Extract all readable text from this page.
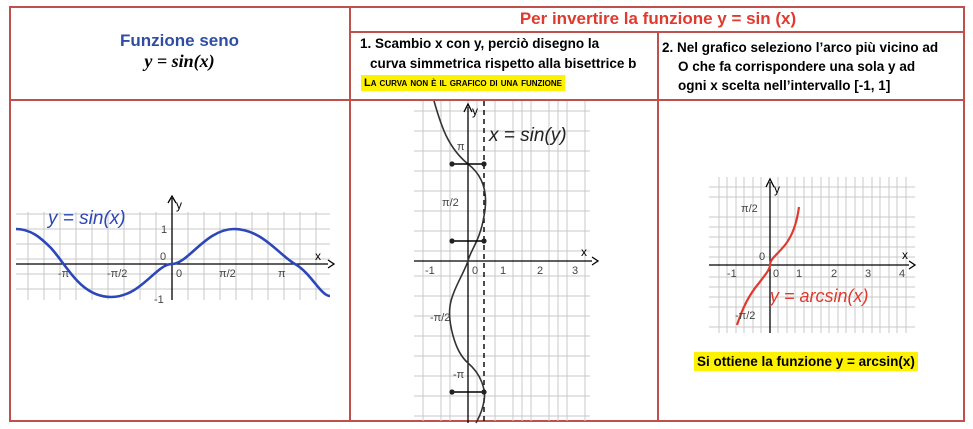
Funzione seno
y = sin(x)
Per invertire la funzione y = sin (x)
1. Scambio x con y, perciò disegno la
curva simmetrica rispetto alla bisettrice b
La curva non è il grafico di una funzione
2. Nel grafico seleziono l’arco più vicino ad
O che fa corrispondere una sola y ad
ogni x scelta nell’intervallo [-1, 1]
x
y
-π	-π/2	0	π/2	π
1
0
-1
y = sin(x)
x
y
-1	0 1	2	3
π
π/2
-π/2
-π
x = sin(y)
x
y
-1	0 1	2	3	4
π/2
0
-π/2
y = arcsin(x)
Si ottiene la funzione y = arcsin(x)
